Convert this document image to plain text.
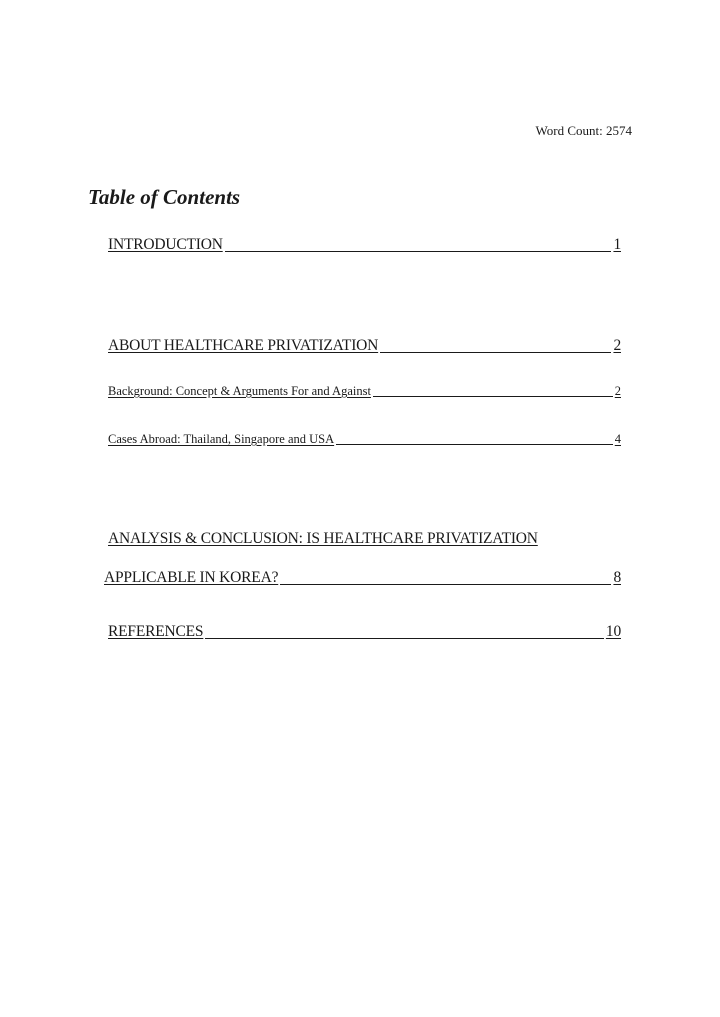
Word Count: 2574
Table of Contents
INTRODUCTION	1
ABOUT HEALTHCARE PRIVATIZATION	2
Background: Concept & Arguments For and Against	2
Cases Abroad: Thailand, Singapore and USA	4
ANALYSIS & CONCLUSION: IS HEALTHCARE PRIVATIZATION
APPLICABLE IN KOREA?	8
REFERENCES	10
